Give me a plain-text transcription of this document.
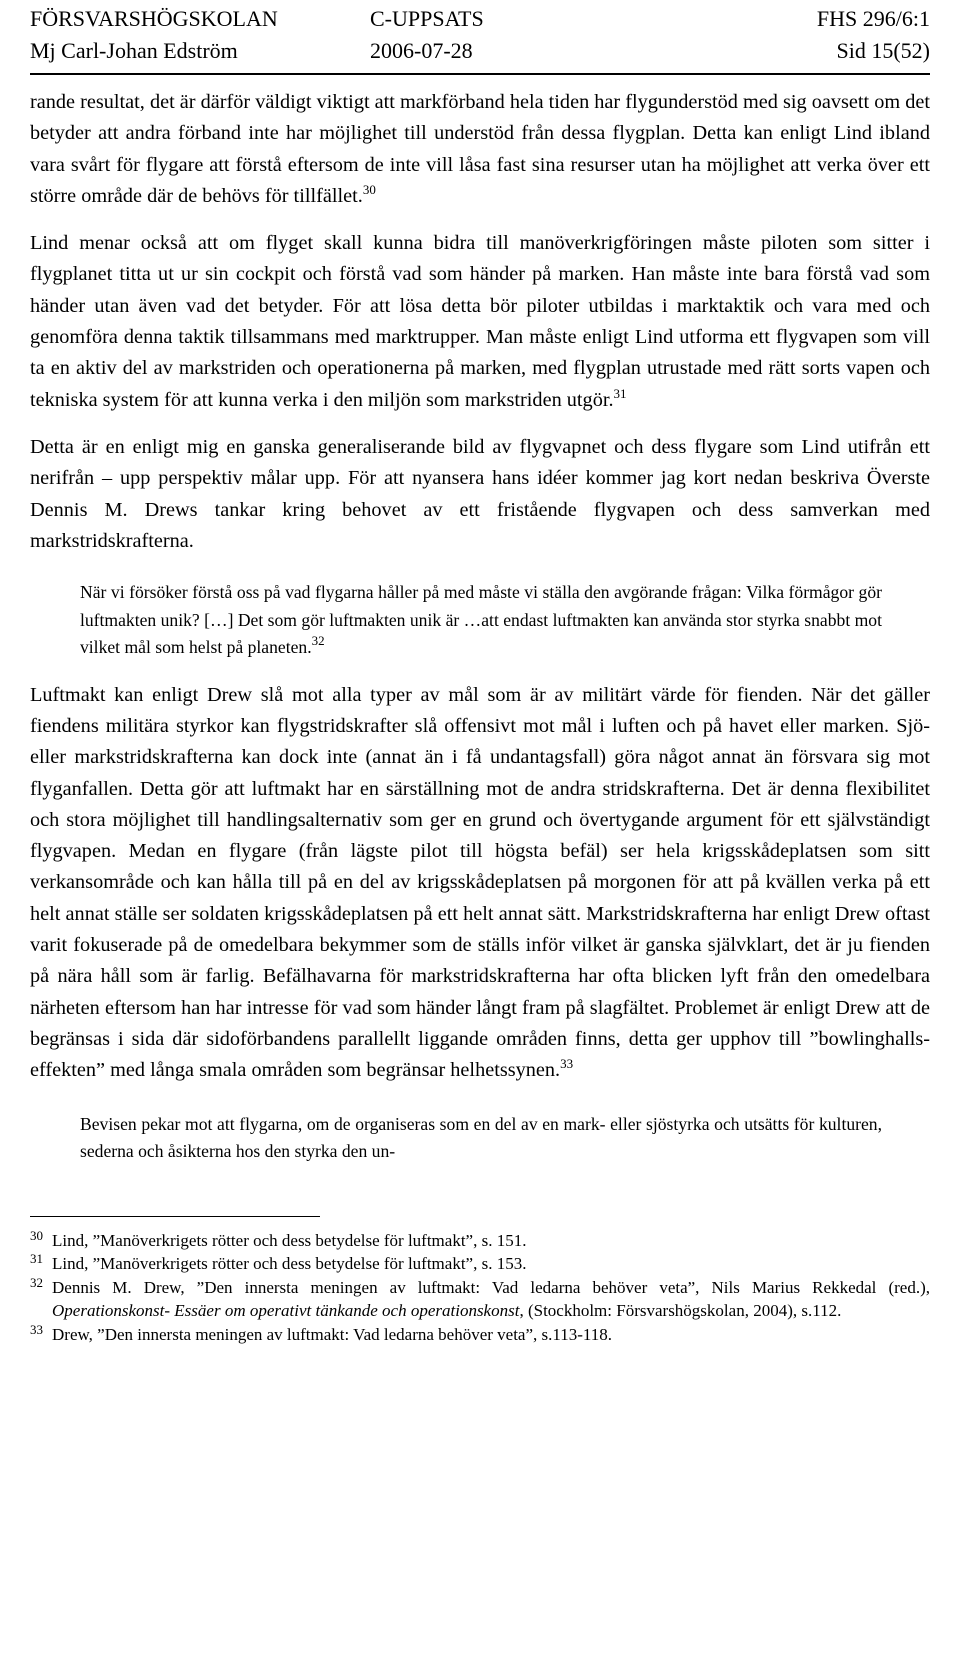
FÖRSVARSHÖGSKOLAN	C-UPPSATS	FHS 296/6:1
Mj Carl-Johan Edström	2006-07-28	Sid 15(52)

rande resultat, det är därför väldigt viktigt att markförband hela tiden har flygunderstöd med sig oavsett om det betyder att andra förband inte har möjlighet till understöd från dessa flygplan. Detta kan enligt Lind ibland vara svårt för flygare att förstå eftersom de inte vill låsa fast sina resurser utan ha möjlighet att verka över ett större område där de behövs för tillfället.$^{30}$

Lind menar också att om flyget skall kunna bidra till manöverkrigföringen måste piloten som sitter i flygplanet titta ut ur sin cockpit och förstå vad som händer på marken. Han måste inte bara förstå vad som händer utan även vad det betyder. För att lösa detta bör piloter utbildas i marktaktik och vara med och genomföra denna taktik tillsammans med marktrupper. Man måste enligt Lind utforma ett flygvapen som vill ta en aktiv del av markstriden och operationerna på marken, med flygplan utrustade med rätt sorts vapen och tekniska system för att kunna verka i den miljön som markstriden utgör.$^{31}$

Detta är en enligt mig en ganska generaliserande bild av flygvapnet och dess flygare som Lind utifrån ett nerifrån – upp perspektiv målar upp. För att nyansera hans idéer kommer jag kort nedan beskriva Överste Dennis M. Drews tankar kring behovet av ett fristående flygvapen och dess samverkan med markstridskrafterna.

När vi försöker förstå oss på vad flygarna håller på med måste vi ställa den avgörande frågan: Vilka förmågor gör luftmakten unik? […] Det som gör luftmakten unik är …att endast luftmakten kan använda stor styrka snabbt mot vilket mål som helst på planeten.$^{32}$

Luftmakt kan enligt Drew slå mot alla typer av mål som är av militärt värde för fienden. När det gäller fiendens militära styrkor kan flygstridskrafter slå offensivt mot mål i luften och på havet eller marken. Sjö- eller markstridskrafterna kan dock inte (annat än i få undantagsfall) göra något annat än försvara sig mot flyganfallen. Detta gör att luftmakt har en särställning mot de andra stridskrafterna. Det är denna flexibilitet och stora möjlighet till handlingsalternativ som ger en grund och övertygande argument för ett självständigt flygvapen. Medan en flygare (från lägste pilot till högsta befäl) ser hela krigsskådeplatsen som sitt verkansområde och kan hålla till på en del av krigsskådeplatsen på morgonen för att på kvällen verka på ett helt annat ställe ser soldaten krigsskådeplatsen på ett helt annat sätt. Markstridskrafterna har enligt Drew oftast varit fokuserade på de omedelbara bekymmer som de ställs inför vilket är ganska självklart, det är ju fienden på nära håll som är farlig. Befälhavarna för markstridskrafterna har ofta blicken lyft från den omedelbara närheten eftersom han har intresse för vad som händer långt fram på slagfältet. Problemet är enligt Drew att de begränsas i sida där sidoförbandens parallellt liggande områden finns, detta ger upphov till ”bowlinghalls-effekten” med långa smala områden som begränsar helhetssynen.$^{33}$

Bevisen pekar mot att flygarna, om de organiseras som en del av en mark- eller sjöstyrka och utsätts för kulturen, sederna och åsikterna hos den styrka den un-

30 Lind, ”Manöverkrigets rötter och dess betydelse för luftmakt”, s. 151.

31 Lind, ”Manöverkrigets rötter och dess betydelse för luftmakt”, s. 153.

32 Dennis M. Drew, ”Den innersta meningen av luftmakt: Vad ledarna behöver veta”, Nils Marius Rekkedal (red.), Operationskonst- Essäer om operativt tänkande och operationskonst, (Stockholm: Försvarshögskolan, 2004), s.112.

33 Drew, ”Den innersta meningen av luftmakt: Vad ledarna behöver veta”, s.113-118.
